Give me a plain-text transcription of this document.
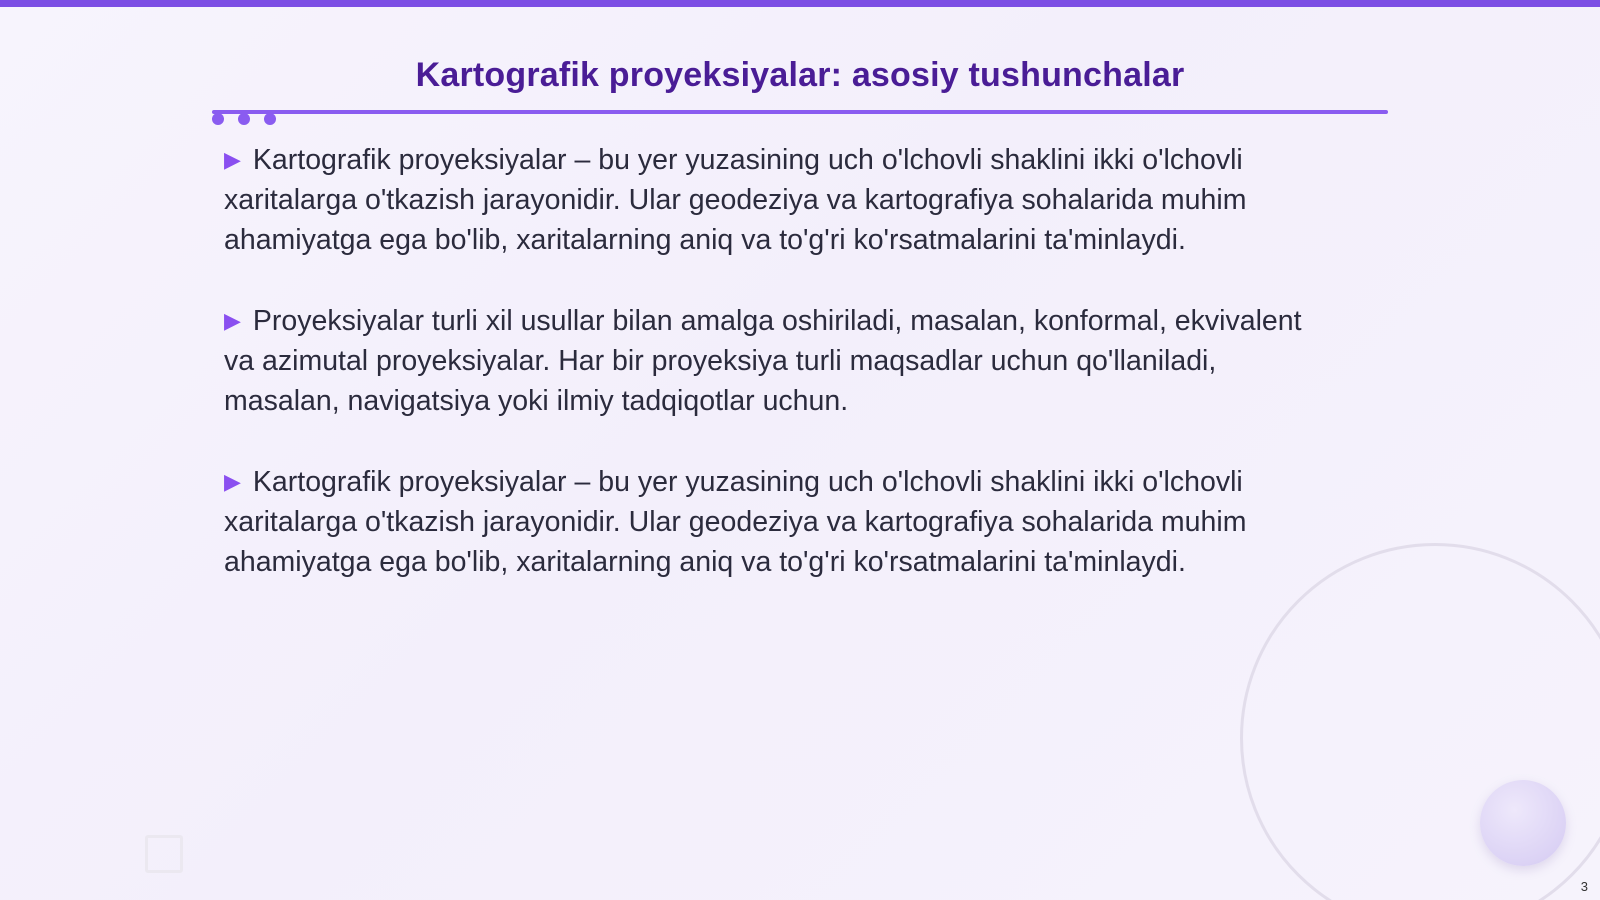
Kartografik proyeksiyalar: asosiy tushunchalar

▶ Kartografik proyeksiyalar – bu yer yuzasining uch o'lchovli shaklini ikki o'lchovli xaritalarga o'tkazish jarayonidir. Ular geodeziya va kartografiya sohalarida muhim ahamiyatga ega bo'lib, xaritalarning aniq va to'g'ri ko'rsatmalarini ta'minlaydi.

▶ Proyeksiyalar turli xil usullar bilan amalga oshiriladi, masalan, konformal, ekvivalent va azimutal proyeksiyalar. Har bir proyeksiya turli maqsadlar uchun qo'llaniladi, masalan, navigatsiya yoki ilmiy tadqiqotlar uchun.

▶ Kartografik proyeksiyalar – bu yer yuzasining uch o'lchovli shaklini ikki o'lchovli xaritalarga o'tkazish jarayonidir. Ular geodeziya va kartografiya sohalarida muhim ahamiyatga ega bo'lib, xaritalarning aniq va to'g'ri ko'rsatmalarini ta'minlaydi.

3
